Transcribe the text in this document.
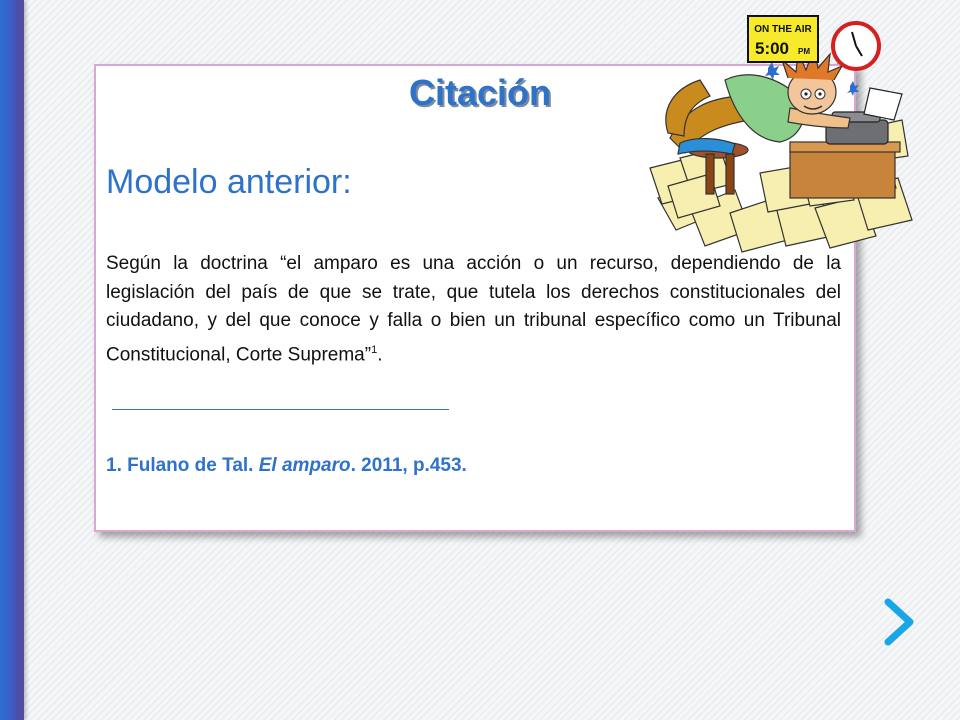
Citación

Modelo anterior:

Según la doctrina “el amparo es una acción o un recurso, dependiendo de la legislación del país de que se trate, que tutela los derechos constitucionales del ciudadano, y del que conoce y falla o bien un tribunal específico como un Tribunal Constitucional, Corte Suprema”$^1$.

1. Fulano de Tal. El amparo. 2011, p.453.

ON THE AIR
5:00 PM
